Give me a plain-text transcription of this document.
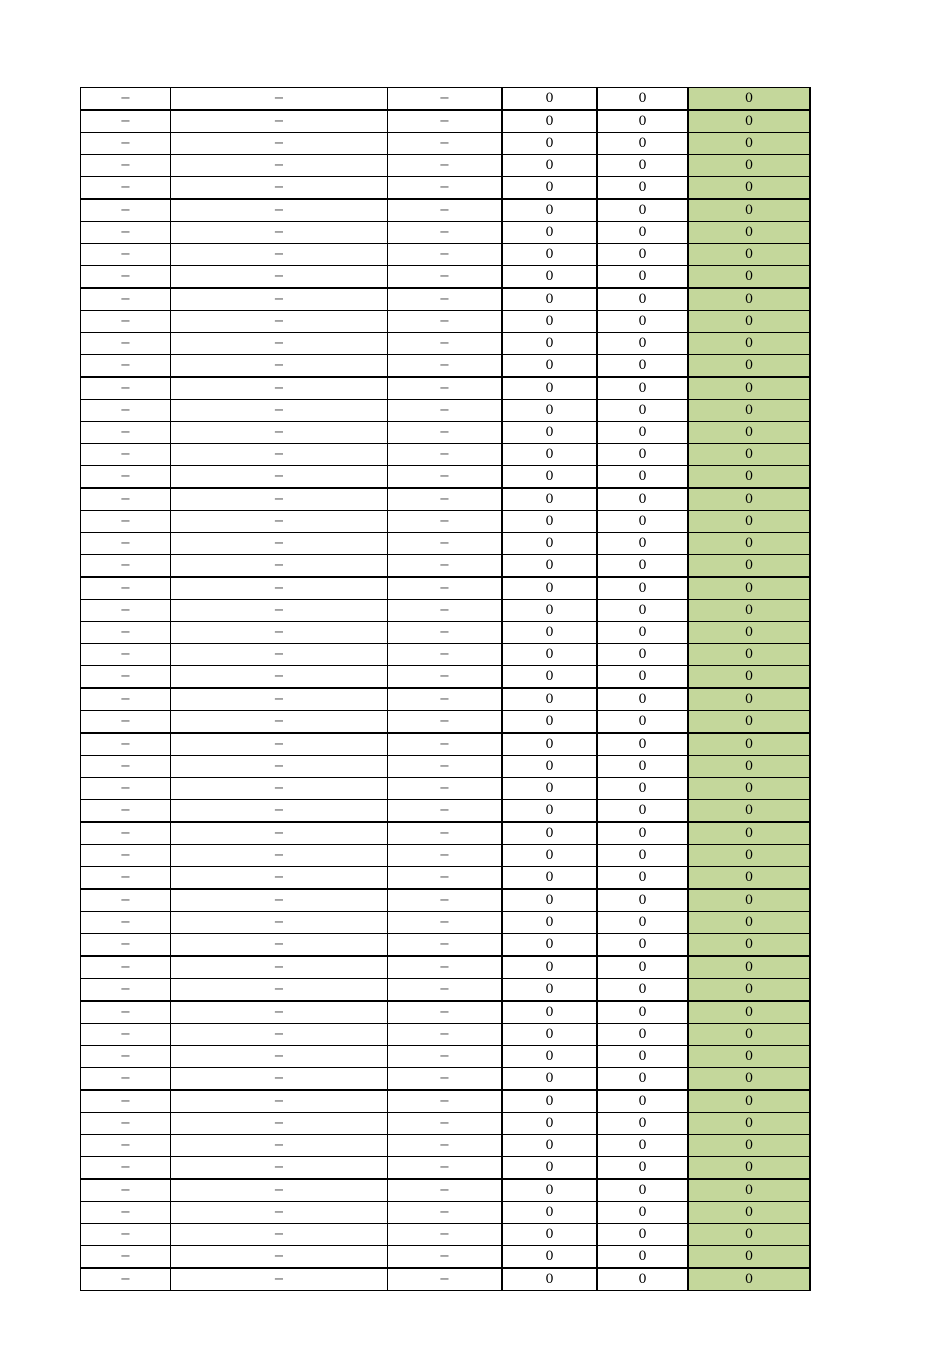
−	−	−	0	0	0
−	−	−	0	0	0
−	−	−	0	0	0
−	−	−	0	0	0
−	−	−	0	0	0
−	−	−	0	0	0
−	−	−	0	0	0
−	−	−	0	0	0
−	−	−	0	0	0
−	−	−	0	0	0
−	−	−	0	0	0
−	−	−	0	0	0
−	−	−	0	0	0
−	−	−	0	0	0
−	−	−	0	0	0
−	−	−	0	0	0
−	−	−	0	0	0
−	−	−	0	0	0
−	−	−	0	0	0
−	−	−	0	0	0
−	−	−	0	0	0
−	−	−	0	0	0
−	−	−	0	0	0
−	−	−	0	0	0
−	−	−	0	0	0
−	−	−	0	0	0
−	−	−	0	0	0
−	−	−	0	0	0
−	−	−	0	0	0
−	−	−	0	0	0
−	−	−	0	0	0
−	−	−	0	0	0
−	−	−	0	0	0
−	−	−	0	0	0
−	−	−	0	0	0
−	−	−	0	0	0
−	−	−	0	0	0
−	−	−	0	0	0
−	−	−	0	0	0
−	−	−	0	0	0
−	−	−	0	0	0
−	−	−	0	0	0
−	−	−	0	0	0
−	−	−	0	0	0
−	−	−	0	0	0
−	−	−	0	0	0
−	−	−	0	0	0
−	−	−	0	0	0
−	−	−	0	0	0
−	−	−	0	0	0
−	−	−	0	0	0
−	−	−	0	0	0
−	−	−	0	0	0
−	−	−	0	0	0
